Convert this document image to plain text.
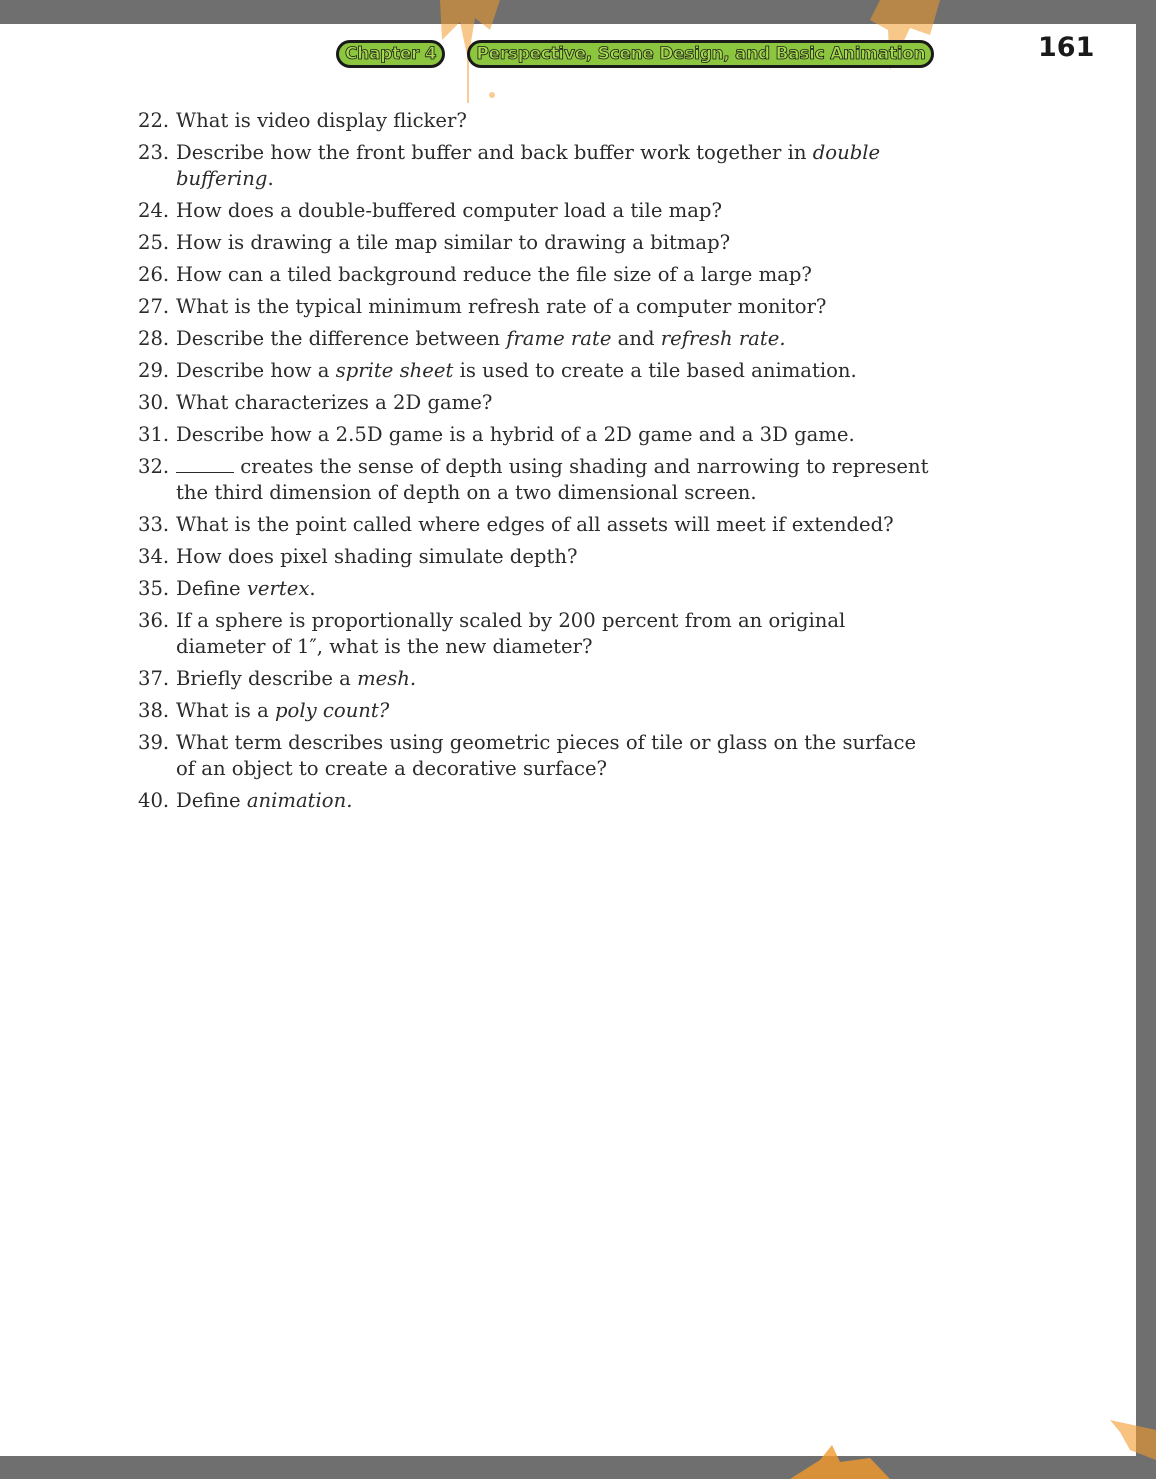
Chapter 4	Perspective, Scene Design, and Basic Animation	161
22. What is video display flicker?
23. Describe how the front buffer and back buffer work together in double buffering.
24. How does a double-buffered computer load a tile map?
25. How is drawing a tile map similar to drawing a bitmap?
26. How can a tiled background reduce the file size of a large map?
27. What is the typical minimum refresh rate of a computer monitor?
28. Describe the difference between frame rate and refresh rate.
29. Describe how a sprite sheet is used to create a tile based animation.
30. What characterizes a 2D game?
31. Describe how a 2.5D game is a hybrid of a 2D game and a 3D game.
32.	creates the sense of depth using shading and narrowing to represent the third dimension of depth on a two dimensional screen.
33. What is the point called where edges of all assets will meet if extended?
34. How does pixel shading simulate depth?
35. Define vertex.
36. If a sphere is proportionally scaled by 200 percent from an original diameter of 1″, what is the new diameter?
37. Briefly describe a mesh.
38. What is a poly count?
39. What term describes using geometric pieces of tile or glass on the surface of an object to create a decorative surface?
40. Define animation.
